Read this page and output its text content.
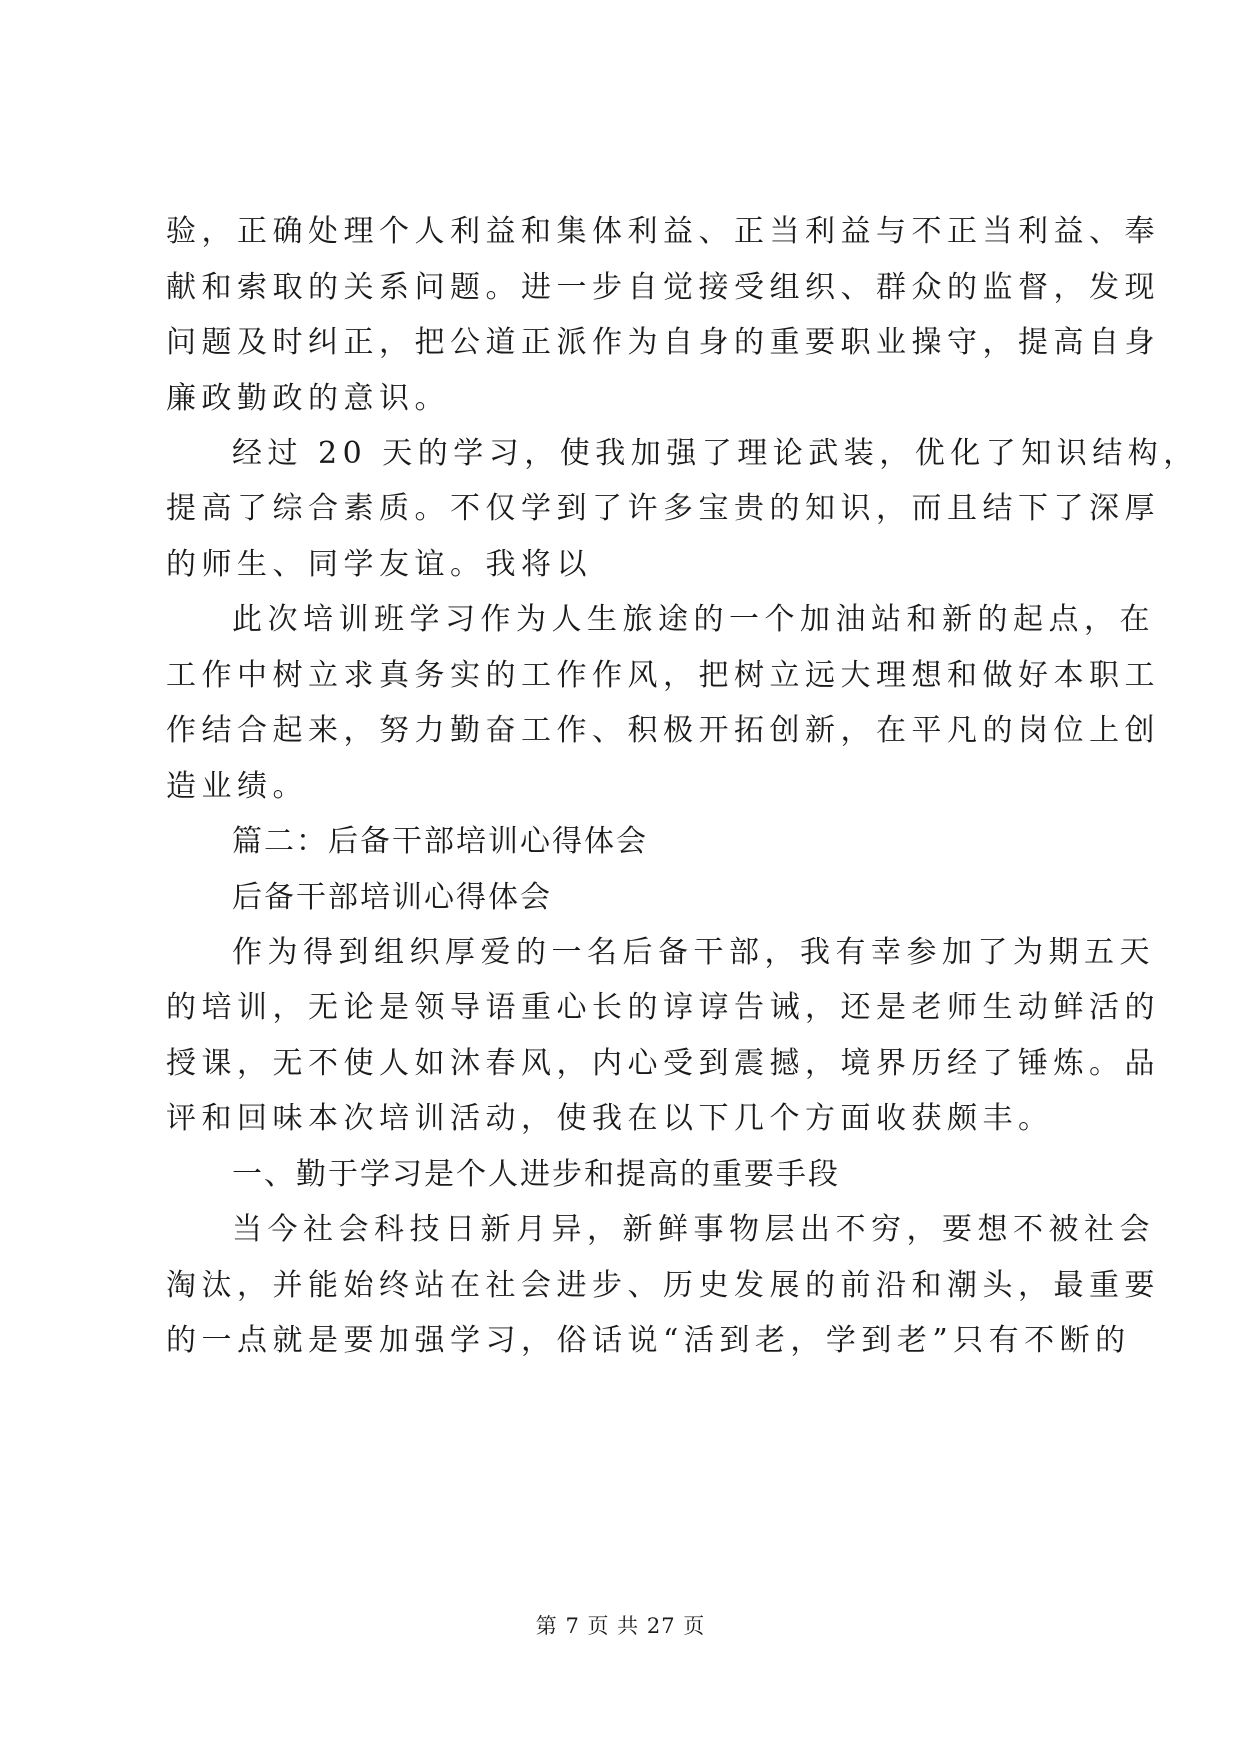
验，正确处理个人利益和集体利益、正当利益与不正当利益、奉
献和索取的关系问题。进一步自觉接受组织、群众的监督，发现
问题及时纠正，把公道正派作为自身的重要职业操守，提高自身
廉政勤政的意识。
经过 20 天的学习，使我加强了理论武装，优化了知识结构，
提高了综合素质。不仅学到了许多宝贵的知识，而且结下了深厚
的师生、同学友谊。我将以
此次培训班学习作为人生旅途的一个加油站和新的起点，在
工作中树立求真务实的工作作风，把树立远大理想和做好本职工
作结合起来，努力勤奋工作、积极开拓创新，在平凡的岗位上创
造业绩。
篇二：后备干部培训心得体会
后备干部培训心得体会
作为得到组织厚爱的一名后备干部，我有幸参加了为期五天
的培训，无论是领导语重心长的谆谆告诫，还是老师生动鲜活的
授课，无不使人如沐春风，内心受到震撼，境界历经了锤炼。品
评和回味本次培训活动，使我在以下几个方面收获颇丰。
一、勤于学习是个人进步和提高的重要手段
当今社会科技日新月异，新鲜事物层出不穷，要想不被社会
淘汰，并能始终站在社会进步、历史发展的前沿和潮头，最重要
的一点就是要加强学习，俗话说“活到老，学到老”只有不断的
第 7 页 共 27 页
